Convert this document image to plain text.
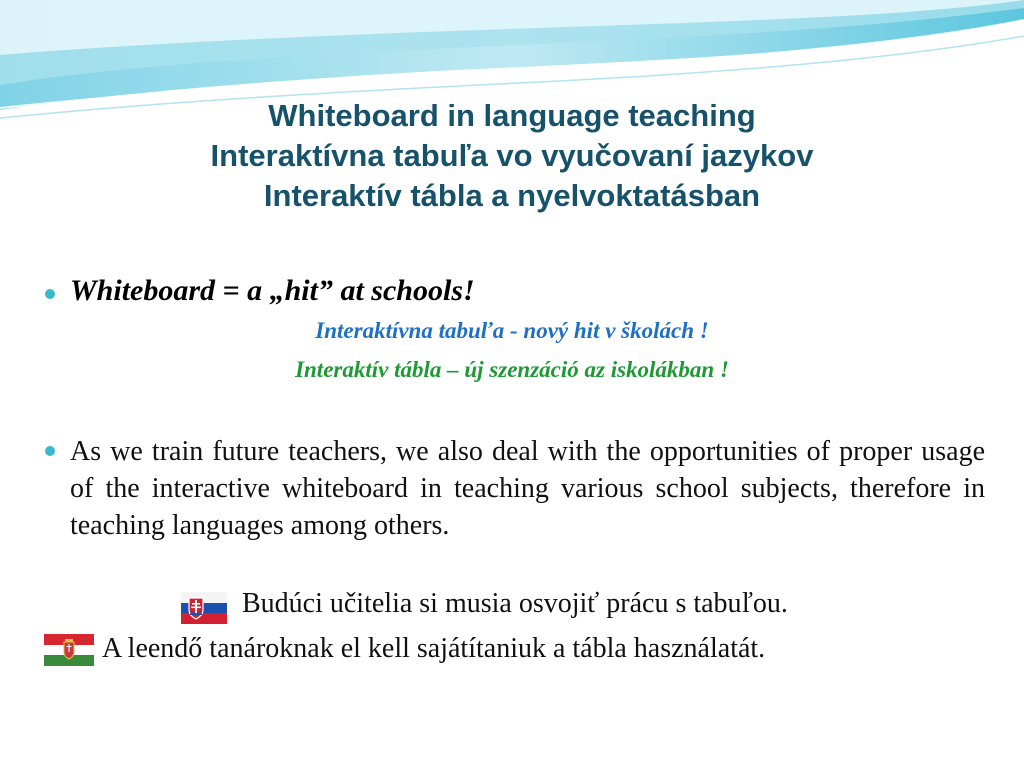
Whiteboard in language teaching
Interaktívna tabuľa vo vyučovaní jazykov
Interaktív tábla a nyelvoktatásban
Whiteboard = a „hit” at schools!
Interaktívna tabuľa - nový hit v školách !
Interaktív tábla – új szenzáció az iskolákban !
As we train future teachers, we also deal with the opportunities of proper usage of the interactive whiteboard in teaching various school subjects, therefore in teaching languages among others.
Budúci učitelia si musia osvojiť prácu s tabuľou.
A leendő tanároknak el kell sajátítaniuk a tábla használatát.
